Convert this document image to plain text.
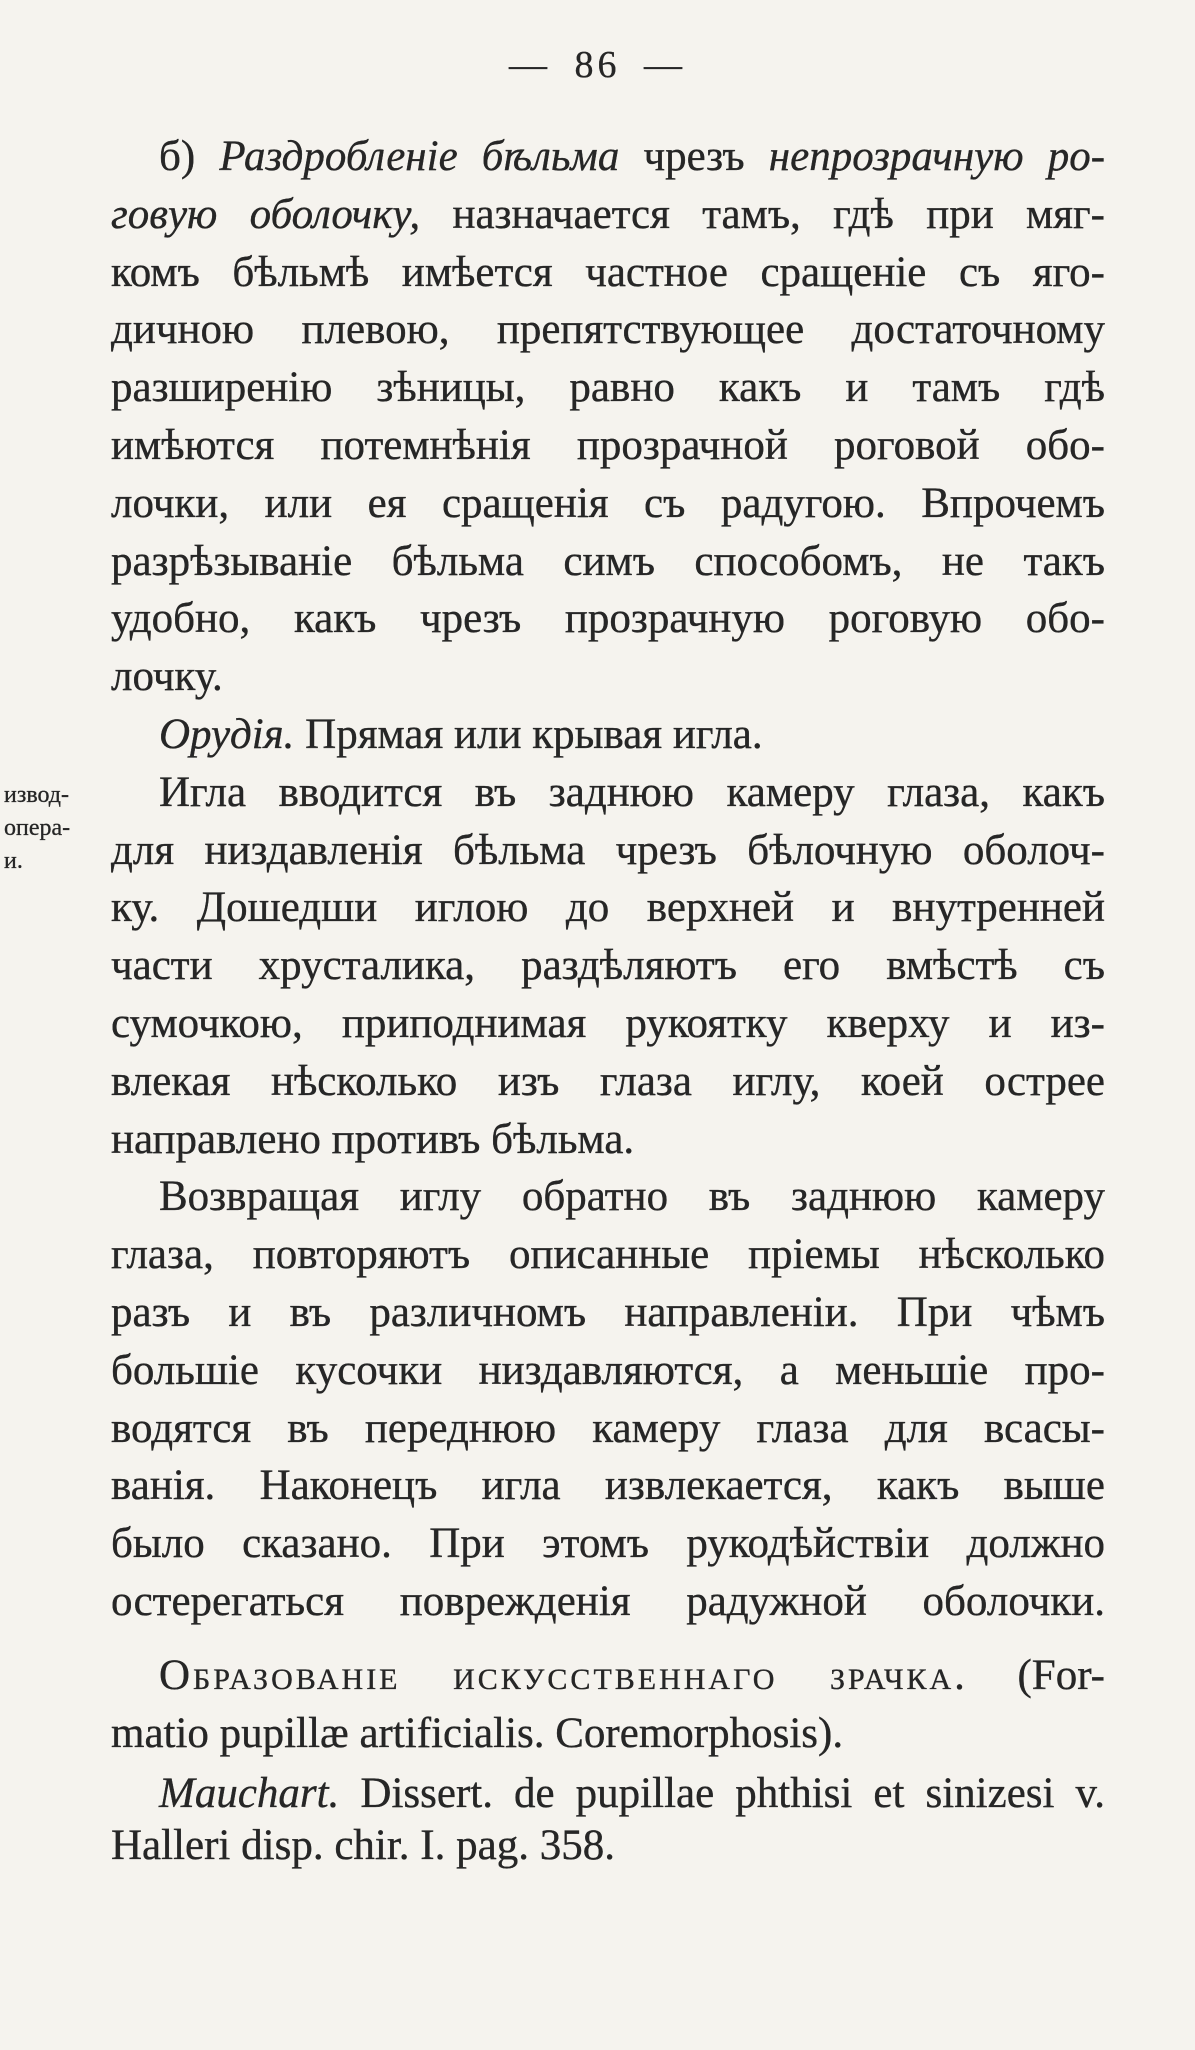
— 86 —
извод-
опера-
и.
б) Раздробленіе бѣльма чрезъ непрозрачную ро-
говую оболочку, назначается тамъ, гдѣ при мяг-
комъ бѣльмѣ имѣется частное сращеніе съ яго-
дичною плевою, препятствующее достаточному
разширенію зѣницы, равно какъ и тамъ гдѣ
имѣются потемнѣнія прозрачной роговой обо-
лочки, или ея сращенія съ радугою. Впрочемъ
разрѣзываніе бѣльма симъ способомъ, не такъ
удобно, какъ чрезъ прозрачную роговую обо-
лочку.
Орудія. Прямая или крывая игла.
Игла вводится въ заднюю камеру глаза, какъ
для низдавленія бѣльма чрезъ бѣлочную оболоч-
ку. Дошедши иглою до верхней и внутренней
части хрусталика, раздѣляютъ его вмѣстѣ съ
сумочкою, приподнимая рукоятку кверху и из-
влекая нѣсколько изъ глаза иглу, коей острее
направлено противъ бѣльма.
Возвращая иглу обратно въ заднюю камеру
глаза, повторяютъ описанные пріемы нѣсколько
разъ и въ различномъ направленіи. При чѣмъ
большіе кусочки низдавляются, а меньшіе про-
водятся въ переднюю камеру глаза для всасы-
ванія. Наконецъ игла извлекается, какъ выше
было сказано. При этомъ рукодѣйствіи должно
остерегаться поврежденія радужной оболочки.
Образованіе искусственнаго зрачка. (For-
matio pupillæ artificialis. Coremorphosis).
Mauchart. Dissert. de pupillae phthisi et sinizesi v.
Halleri disp. chir. I. pag. 358.
